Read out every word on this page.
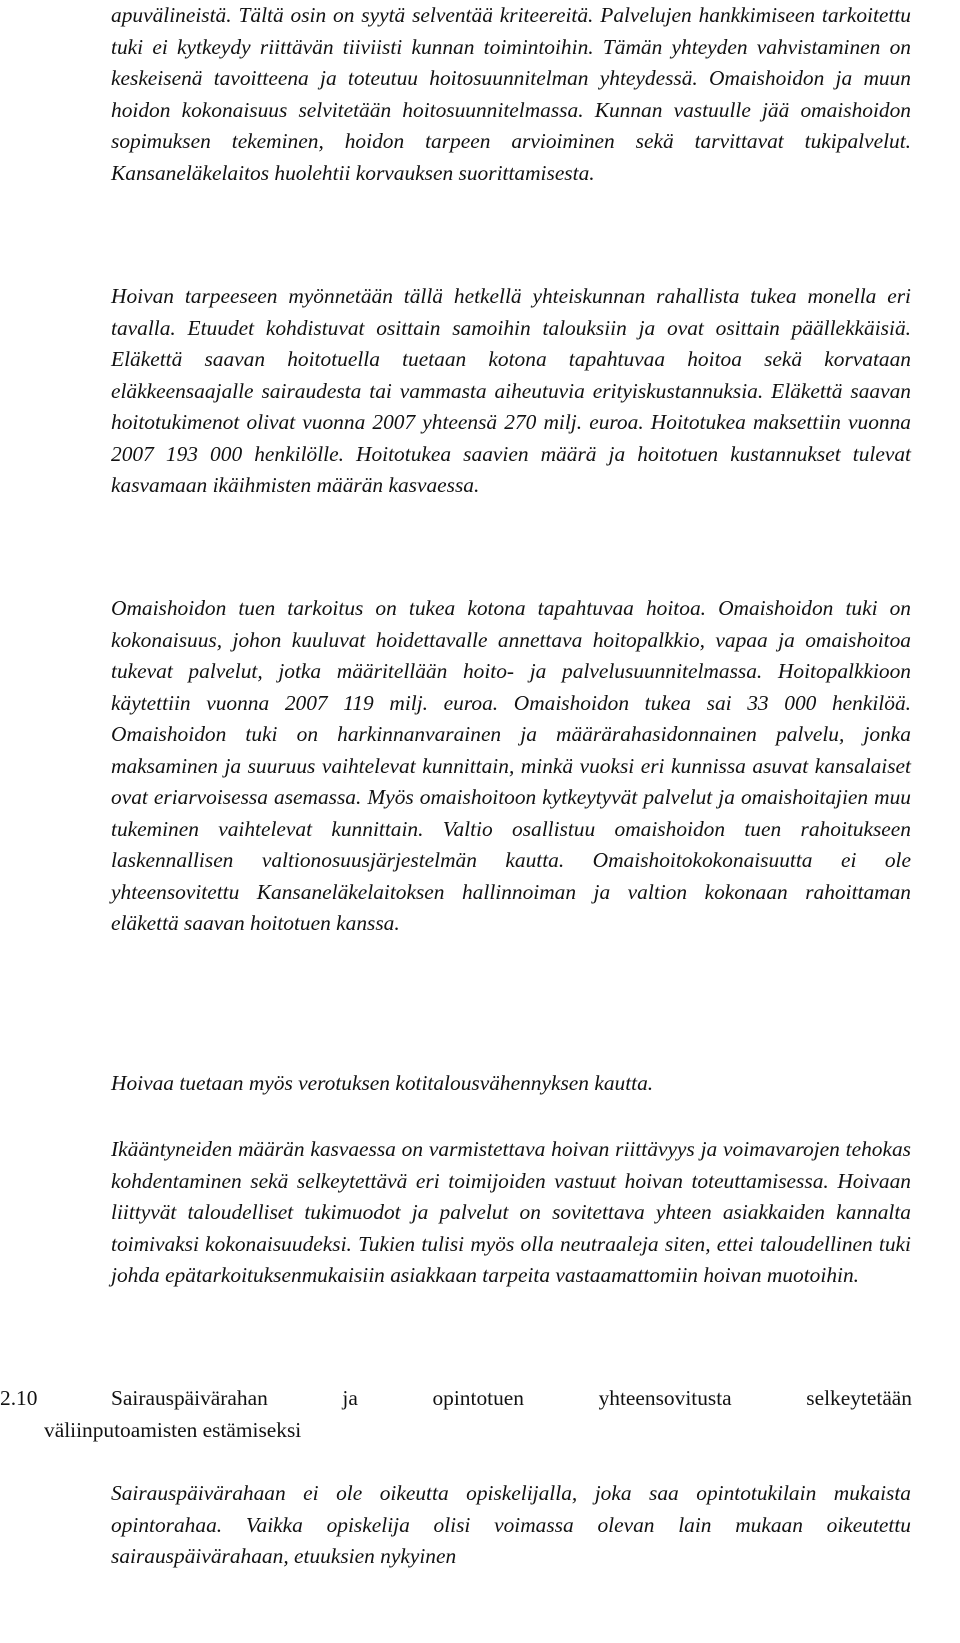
apuvälineistä. Tältä osin on syytä selventää kriteereitä. Palvelujen hankkimiseen tarkoitettu tuki ei kytkeydy riittävän tiiviisti kunnan toimintoihin. Tämän yhteyden vahvistaminen on keskeisenä tavoitteena ja toteutuu hoitosuunnitelman yhteydessä. Omaishoidon ja muun hoidon kokonaisuus selvitetään hoitosuunnitelmassa. Kunnan vastuulle jää omaishoidon sopimuksen tekeminen, hoidon tarpeen arvioiminen sekä tarvittavat tukipalvelut. Kansaneläkelaitos huolehtii korvauksen suorittamisesta.

Hoivan tarpeeseen myönnetään tällä hetkellä yhteiskunnan rahallista tukea monella eri tavalla. Etuudet kohdistuvat osittain samoihin talouksiin ja ovat osittain päällekkäisiä. Eläkettä saavan hoitotuella tuetaan kotona tapahtuvaa hoitoa sekä korvataan eläkkeensaajalle sairaudesta tai vammasta aiheutuvia erityiskustannuksia. Eläkettä saavan hoitotukimenot olivat vuonna 2007 yhteensä 270 milj. euroa. Hoitotukea maksettiin vuonna 2007 193 000 henkilölle. Hoitotukea saavien määrä ja hoitotuen kustannukset tulevat kasvamaan ikäihmisten määrän kasvaessa.

Omaishoidon tuen tarkoitus on tukea kotona tapahtuvaa hoitoa. Omaishoidon tuki on kokonaisuus, johon kuuluvat hoidettavalle annettava hoitopalkkio, vapaa ja omaishoitoa tukevat palvelut, jotka määritellään hoito- ja palvelusuunnitelmassa. Hoitopalkkioon käytettiin vuonna 2007 119 milj. euroa. Omaishoidon tukea sai 33 000 henkilöä. Omaishoidon tuki on harkinnanvarainen ja määrärahasidonnainen palvelu, jonka maksaminen ja suuruus vaihtelevat kunnittain, minkä vuoksi eri kunnissa asuvat kansalaiset ovat eriarvoisessa asemassa. Myös omaishoitoon kytkeytyvät palvelut ja omaishoitajien muu tukeminen vaihtelevat kunnittain. Valtio osallistuu omaishoidon tuen rahoitukseen laskennallisen valtionosuusjärjestelmän kautta. Omaishoitokokonaisuutta ei ole yhteensovitettu Kansaneläkelaitoksen hallinnoiman ja valtion kokonaan rahoittaman eläkettä saavan hoitotuen kanssa.

Hoivaa tuetaan myös verotuksen kotitalousvähennyksen kautta.

Ikääntyneiden määrän kasvaessa on varmistettava hoivan riittävyys ja voimavarojen tehokas kohdentaminen sekä selkeytettävä eri toimijoiden vastuut hoivan toteuttamisessa. Hoivaan liittyvät taloudelliset tukimuodot ja palvelut on sovitettava yhteen asiakkaiden kannalta toimivaksi kokonaisuudeksi. Tukien tulisi myös olla neutraaleja siten, ettei taloudellinen tuki johda epätarkoituksenmukaisiin asiakkaan tarpeita vastaamattomiin hoivan muotoihin.

2.10	Sairauspäivärahan ja opintotuen yhteensovitusta selkeytetään
väliinputoamisten estämiseksi

Sairauspäivärahaan ei ole oikeutta opiskelijalla, joka saa opintotukilain mukaista opintorahaa. Vaikka opiskelija olisi voimassa olevan lain mukaan oikeutettu sairauspäivärahaan, etuuksien nykyinen
